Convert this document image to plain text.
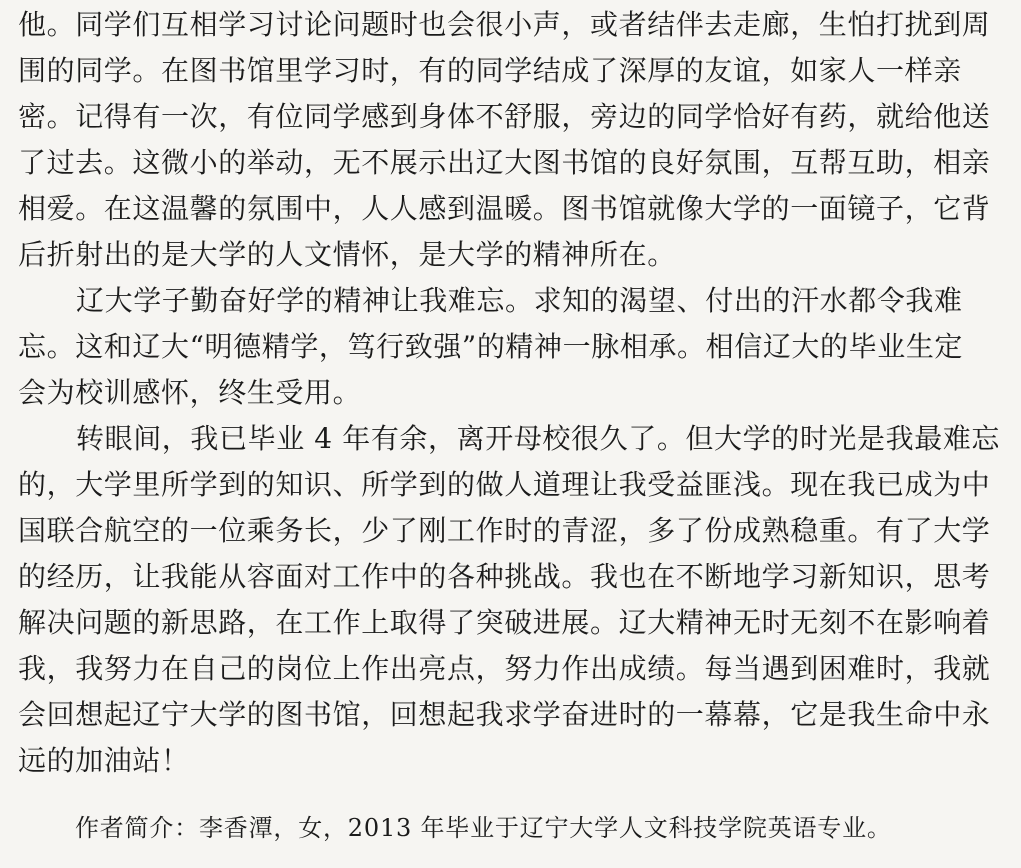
他。同学们互相学习讨论问题时也会很小声，或者结伴去走廊，生怕打扰到周
围的同学。在图书馆里学习时，有的同学结成了深厚的友谊，如家人一样亲
密。记得有一次，有位同学感到身体不舒服，旁边的同学恰好有药，就给他送
了过去。这微小的举动，无不展示出辽大图书馆的良好氛围，互帮互助，相亲
相爱。在这温馨的氛围中，人人感到温暖。图书馆就像大学的一面镜子，它背
后折射出的是大学的人文情怀，是大学的精神所在。
辽大学子勤奋好学的精神让我难忘。求知的渴望、付出的汗水都令我难
忘。这和辽大“明德精学，笃行致强”的精神一脉相承。相信辽大的毕业生定
会为校训感怀，终生受用。
转眼间，我已毕业 4 年有余，离开母校很久了。但大学的时光是我最难忘
的，大学里所学到的知识、所学到的做人道理让我受益匪浅。现在我已成为中
国联合航空的一位乘务长，少了刚工作时的青涩，多了份成熟稳重。有了大学
的经历，让我能从容面对工作中的各种挑战。我也在不断地学习新知识，思考
解决问题的新思路，在工作上取得了突破进展。辽大精神无时无刻不在影响着
我，我努力在自己的岗位上作出亮点，努力作出成绩。每当遇到困难时，我就
会回想起辽宁大学的图书馆，回想起我求学奋进时的一幕幕，它是我生命中永
远的加油站！
作者简介：李香潭，女，2013 年毕业于辽宁大学人文科技学院英语专业。
